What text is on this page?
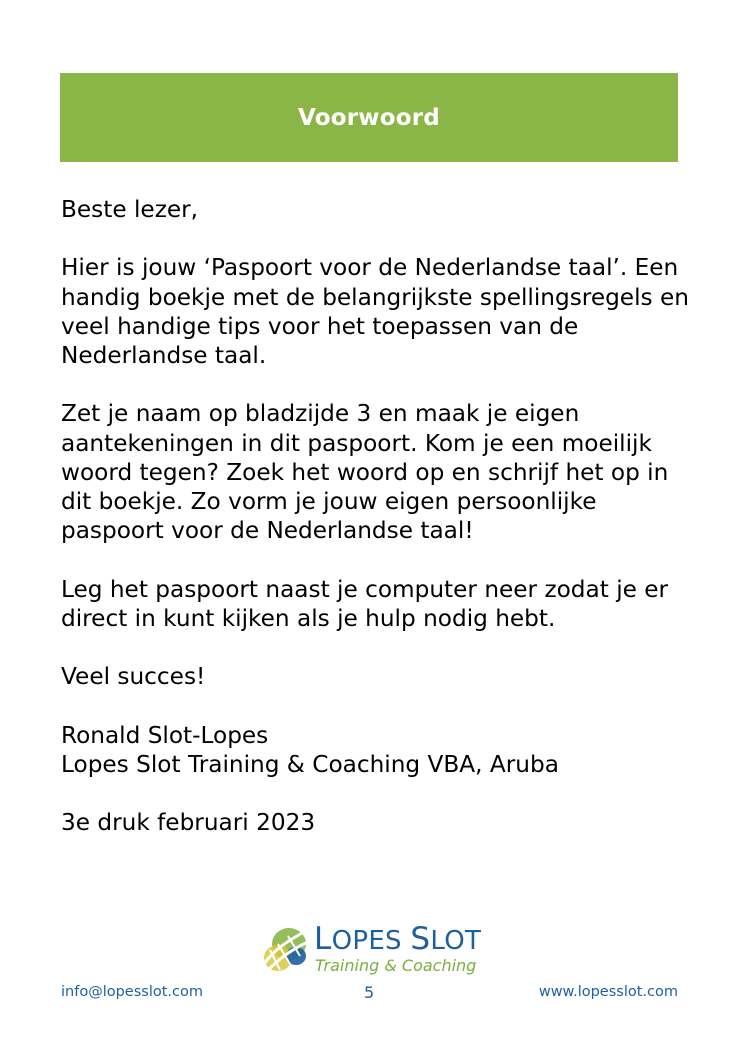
Voorwoord

Beste lezer,

Hier is jouw ‘Paspoort voor de Nederlandse taal’. Een handig boekje met de belangrijkste spellingsregels en veel handige tips voor het toepassen van de Nederlandse taal.

Zet je naam op bladzijde 3 en maak je eigen aantekeningen in dit paspoort. Kom je een moeilijk woord tegen? Zoek het woord op en schrijf het op in dit boekje. Zo vorm je jouw eigen persoonlijke paspoort voor de Nederlandse taal!

Leg het paspoort naast je computer neer zodat je er direct in kunt kijken als je hulp nodig hebt.

Veel succes!

Ronald Slot-Lopes
Lopes Slot Training & Coaching VBA, Aruba

3e druk februari 2023

LOPES SLOT
Training & Coaching
info@lopesslot.com	5	www.lopesslot.com
